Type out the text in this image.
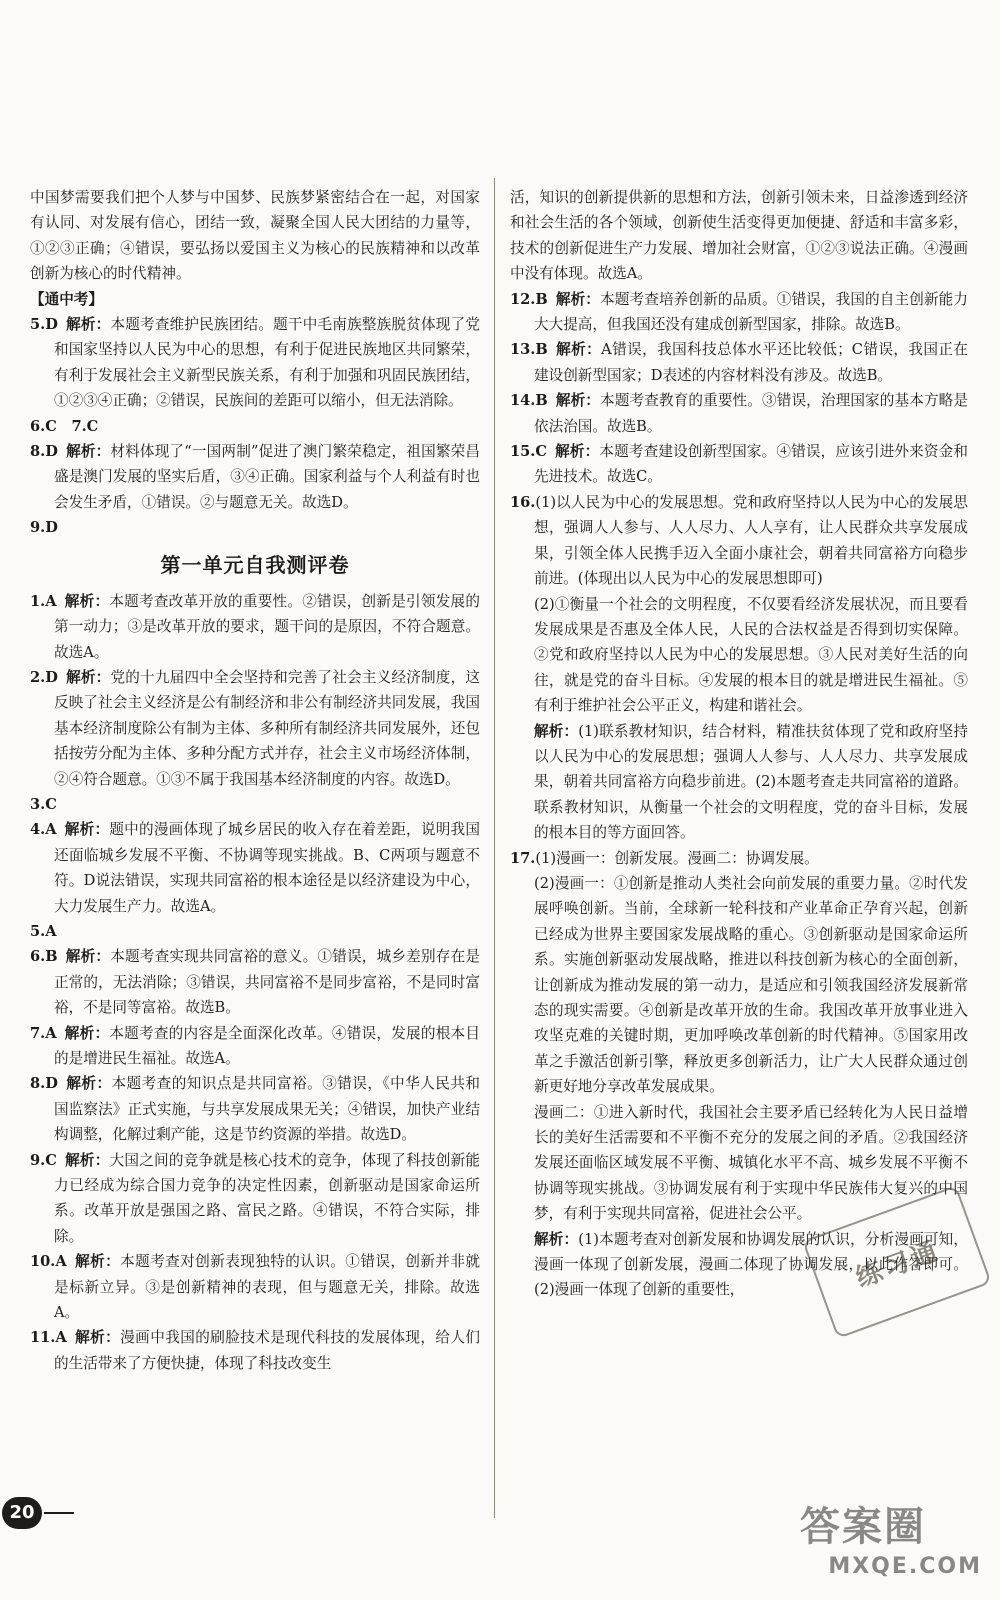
中国梦需要我们把个人梦与中国梦、民族梦紧密结合在一起，对国家有认同、对发展有信心，团结一致，凝聚全国人民大团结的力量等，①②③正确；④错误，要弘扬以爱国主义为核心的民族精神和以改革创新为核心的时代精神。

【通中考】

5.D 解析：本题考查维护民族团结。题干中毛南族整族脱贫体现了党和国家坚持以人民为中心的思想，有利于促进民族地区共同繁荣，有利于发展社会主义新型民族关系，有利于加强和巩固民族团结，①②③④正确；②错误，民族间的差距可以缩小，但无法消除。
6.C　7.C
8.D 解析：材料体现了“一国两制”促进了澳门繁荣稳定，祖国繁荣昌盛是澳门发展的坚实后盾，③④正确。国家利益与个人利益有时也会发生矛盾，①错误。②与题意无关。故选D。
9.D
第一单元自我测评卷
1.A 解析：本题考查改革开放的重要性。②错误，创新是引领发展的第一动力；③是改革开放的要求，题干问的是原因，不符合题意。故选A。
2.D 解析：党的十九届四中全会坚持和完善了社会主义经济制度，这反映了社会主义经济是公有制经济和非公有制经济共同发展，我国基本经济制度除公有制为主体、多种所有制经济共同发展外，还包括按劳分配为主体、多种分配方式并存，社会主义市场经济体制，②④符合题意。①③不属于我国基本经济制度的内容。故选D。
3.C
4.A 解析：题中的漫画体现了城乡居民的收入存在着差距，说明我国还面临城乡发展不平衡、不协调等现实挑战。B、C两项与题意不符。D说法错误，实现共同富裕的根本途径是以经济建设为中心，大力发展生产力。故选A。
5.A
6.B 解析：本题考查实现共同富裕的意义。①错误，城乡差别存在是正常的，无法消除；③错误，共同富裕不是同步富裕，不是同时富裕，不是同等富裕。故选B。
7.A 解析：本题考查的内容是全面深化改革。④错误，发展的根本目的是增进民生福祉。故选A。
8.D 解析：本题考查的知识点是共同富裕。③错误，《中华人民共和国监察法》正式实施，与共享发展成果无关；④错误，加快产业结构调整，化解过剩产能，这是节约资源的举措。故选D。
9.C 解析：大国之间的竞争就是核心技术的竞争，体现了科技创新能力已经成为综合国力竞争的决定性因素，创新驱动是国家命运所系。改革开放是强国之路、富民之路。④错误，不符合实际，排除。
10.A 解析：本题考查对创新表现独特的认识。①错误，创新并非就是标新立异。③是创新精神的表现，但与题意无关，排除。故选A。
11.A 解析：漫画中我国的刷脸技术是现代科技的发展体现，给人们的生活带来了方便快捷，体现了科技改变生

活，知识的创新提供新的思想和方法，创新引领未来，日益渗透到经济和社会生活的各个领域，创新使生活变得更加便捷、舒适和丰富多彩，技术的创新促进生产力发展、增加社会财富，①②③说法正确。④漫画中没有体现。故选A。

12.B 解析：本题考查培养创新的品质。①错误，我国的自主创新能力大大提高，但我国还没有建成创新型国家，排除。故选B。
13.B 解析：A错误，我国科技总体水平还比较低；C错误，我国正在建设创新型国家；D表述的内容材料没有涉及。故选B。
14.B 解析：本题考查教育的重要性。③错误，治理国家的基本方略是依法治国。故选B。
15.C 解析：本题考查建设创新型国家。④错误，应该引进外来资金和先进技术。故选C。
16.(1)以人民为中心的发展思想。党和政府坚持以人民为中心的发展思想，强调人人参与、人人尽力、人人享有，让人民群众共享发展成果，引领全体人民携手迈入全面小康社会，朝着共同富裕方向稳步前进。(体现出以人民为中心的发展思想即可)

(2)①衡量一个社会的文明程度，不仅要看经济发展状况，而且要看发展成果是否惠及全体人民，人民的合法权益是否得到切实保障。②党和政府坚持以人民为中心的发展思想。③人民对美好生活的向往，就是党的奋斗目标。④发展的根本目的就是增进民生福祉。⑤有利于维护社会公平正义，构建和谐社会。

解析：(1)联系教材知识，结合材料，精准扶贫体现了党和政府坚持以人民为中心的发展思想；强调人人参与、人人尽力、共享发展成果，朝着共同富裕方向稳步前进。(2)本题考查走共同富裕的道路。联系教材知识，从衡量一个社会的文明程度，党的奋斗目标，发展的根本目的等方面回答。

17.(1)漫画一：创新发展。漫画二：协调发展。

(2)漫画一：①创新是推动人类社会向前发展的重要力量。②时代发展呼唤创新。当前，全球新一轮科技和产业革命正孕育兴起，创新已经成为世界主要国家发展战略的重心。③创新驱动是国家命运所系。实施创新驱动发展战略，推进以科技创新为核心的全面创新，让创新成为推动发展的第一动力，是适应和引领我国经济发展新常态的现实需要。④创新是改革开放的生命。我国改革开放事业进入攻坚克难的关键时期，更加呼唤改革创新的时代精神。⑤国家用改革之手激活创新引擎，释放更多创新活力，让广大人民群众通过创新更好地分享改革发展成果。

漫画二：①进入新时代，我国社会主要矛盾已经转化为人民日益增长的美好生活需要和不平衡不充分的发展之间的矛盾。②我国经济发展还面临区域发展不平衡、城镇化水平不高、城乡发展不平衡不协调等现实挑战。③协调发展有利于实现中华民族伟大复兴的中国梦，有利于实现共同富裕，促进社会公平。

解析：(1)本题考查对创新发展和协调发展的认识，分析漫画可知，漫画一体现了创新发展，漫画二体现了协调发展，以此作答即可。(2)漫画一体现了创新的重要性，

20
练习通
答案圈
MXQE.COM
